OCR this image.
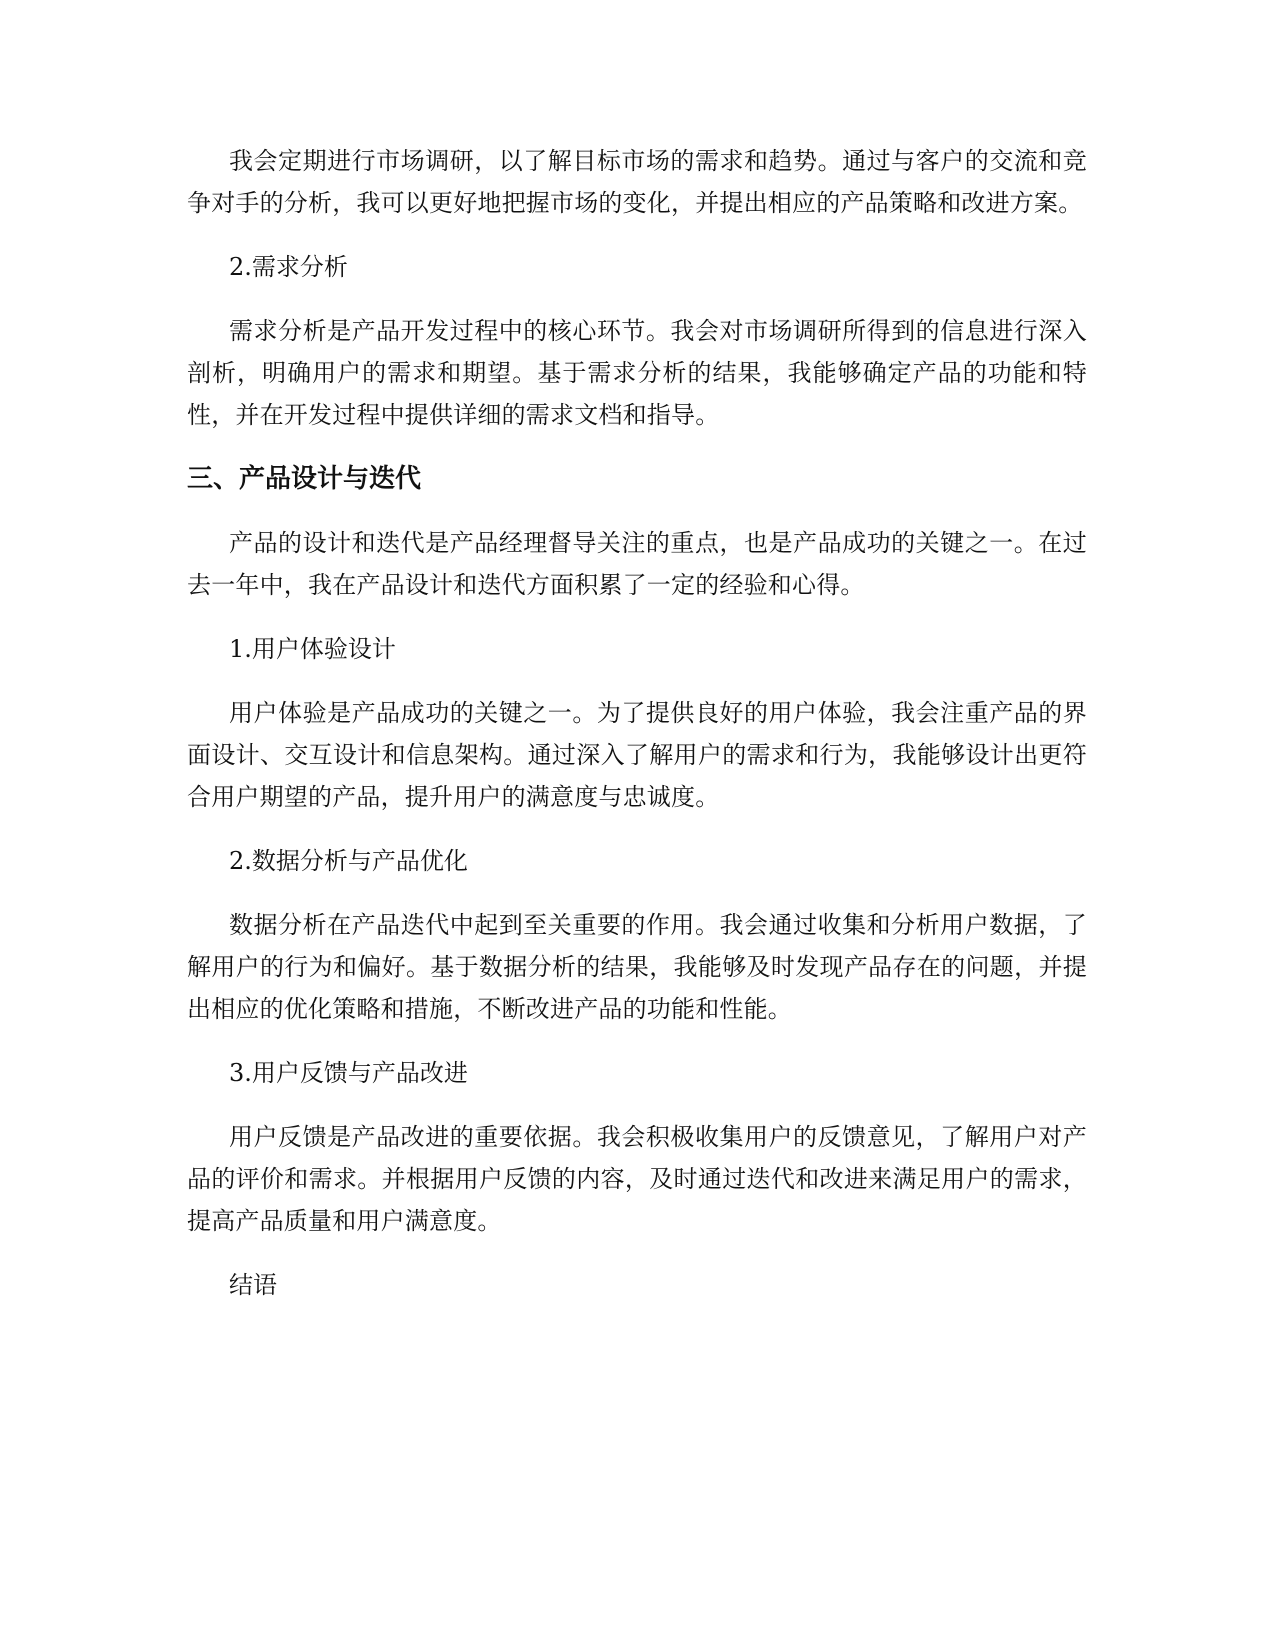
我会定期进行市场调研，以了解目标市场的需求和趋势。通过与客户的交流和竞争对手的分析，我可以更好地把握市场的变化，并提出相应的产品策略和改进方案。

2.需求分析

需求分析是产品开发过程中的核心环节。我会对市场调研所得到的信息进行深入剖析，明确用户的需求和期望。基于需求分析的结果，我能够确定产品的功能和特性，并在开发过程中提供详细的需求文档和指导。

三、产品设计与迭代

产品的设计和迭代是产品经理督导关注的重点，也是产品成功的关键之一。在过去一年中，我在产品设计和迭代方面积累了一定的经验和心得。

1.用户体验设计

用户体验是产品成功的关键之一。为了提供良好的用户体验，我会注重产品的界面设计、交互设计和信息架构。通过深入了解用户的需求和行为，我能够设计出更符合用户期望的产品，提升用户的满意度与忠诚度。

2.数据分析与产品优化

数据分析在产品迭代中起到至关重要的作用。我会通过收集和分析用户数据，了解用户的行为和偏好。基于数据分析的结果，我能够及时发现产品存在的问题，并提出相应的优化策略和措施，不断改进产品的功能和性能。

3.用户反馈与产品改进

用户反馈是产品改进的重要依据。我会积极收集用户的反馈意见，了解用户对产品的评价和需求。并根据用户反馈的内容，及时通过迭代和改进来满足用户的需求，提高产品质量和用户满意度。

结语
